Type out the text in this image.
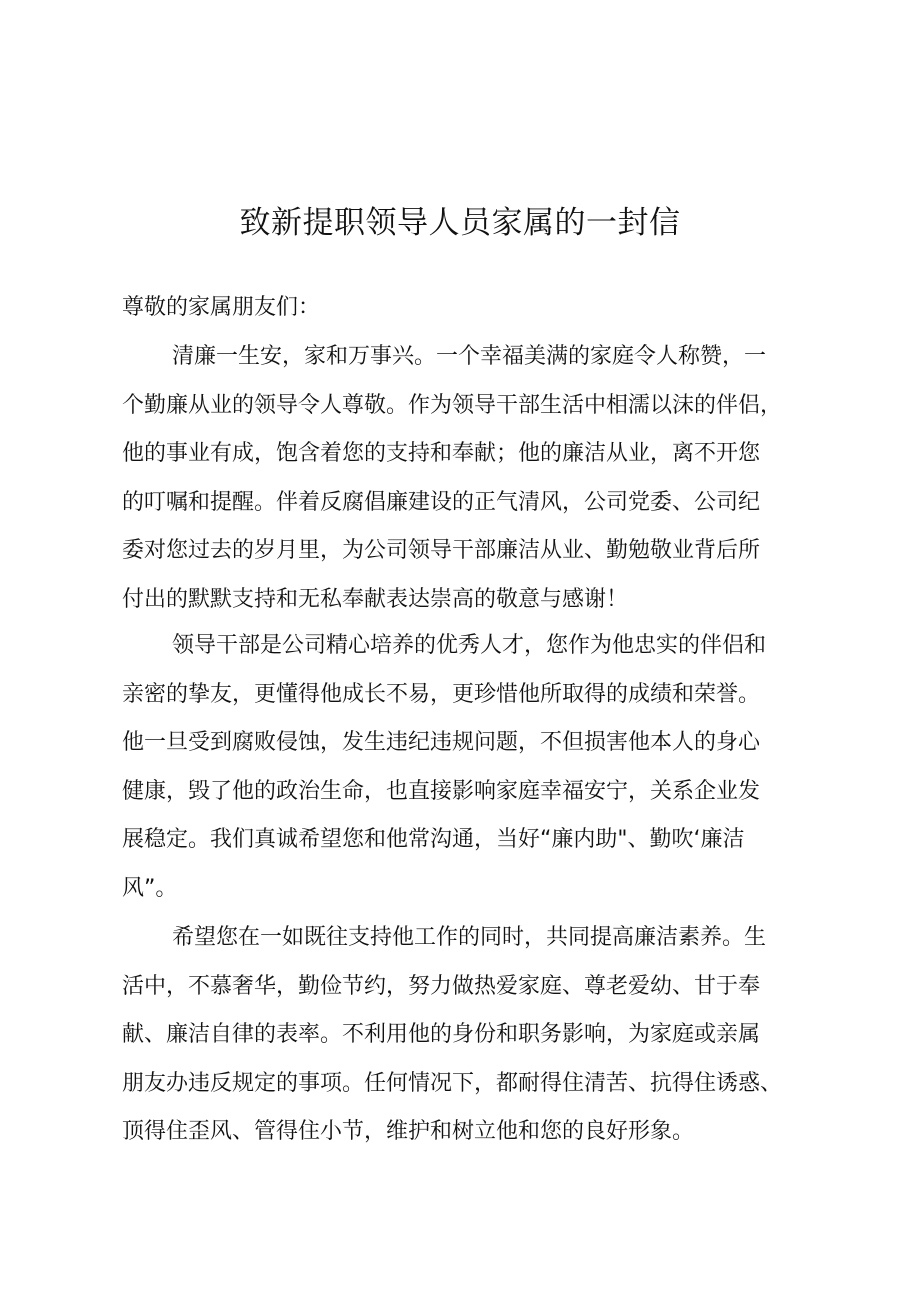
致新提职领导人员家属的一封信

尊敬的家属朋友们：

清廉一生安，家和万事兴。一个幸福美满的家庭令人称赞，一
个勤廉从业的领导令人尊敬。作为领导干部生活中相濡以沫的伴侣，
他的事业有成，饱含着您的支持和奉献；他的廉洁从业，离不开您
的叮嘱和提醒。伴着反腐倡廉建设的正气清风，公司党委、公司纪
委对您过去的岁月里，为公司领导干部廉洁从业、勤勉敬业背后所
付出的默默支持和无私奉献表达崇高的敬意与感谢！

领导干部是公司精心培养的优秀人才，您作为他忠实的伴侣和
亲密的挚友，更懂得他成长不易，更珍惜他所取得的成绩和荣誉。
他一旦受到腐败侵蚀，发生违纪违规问题，不但损害他本人的身心
健康，毁了他的政治生命，也直接影响家庭幸福安宁，关系企业发
展稳定。我们真诚希望您和他常沟通，当好“廉内助"、勤吹‘廉洁
风”。

希望您在一如既往支持他工作的同时，共同提高廉洁素养。生
活中，不慕奢华，勤俭节约，努力做热爱家庭、尊老爱幼、甘于奉
献、廉洁自律的表率。不利用他的身份和职务影响，为家庭或亲属
朋友办违反规定的事项。任何情况下，都耐得住清苦、抗得住诱惑、
顶得住歪风、管得住小节，维护和树立他和您的良好形象。
